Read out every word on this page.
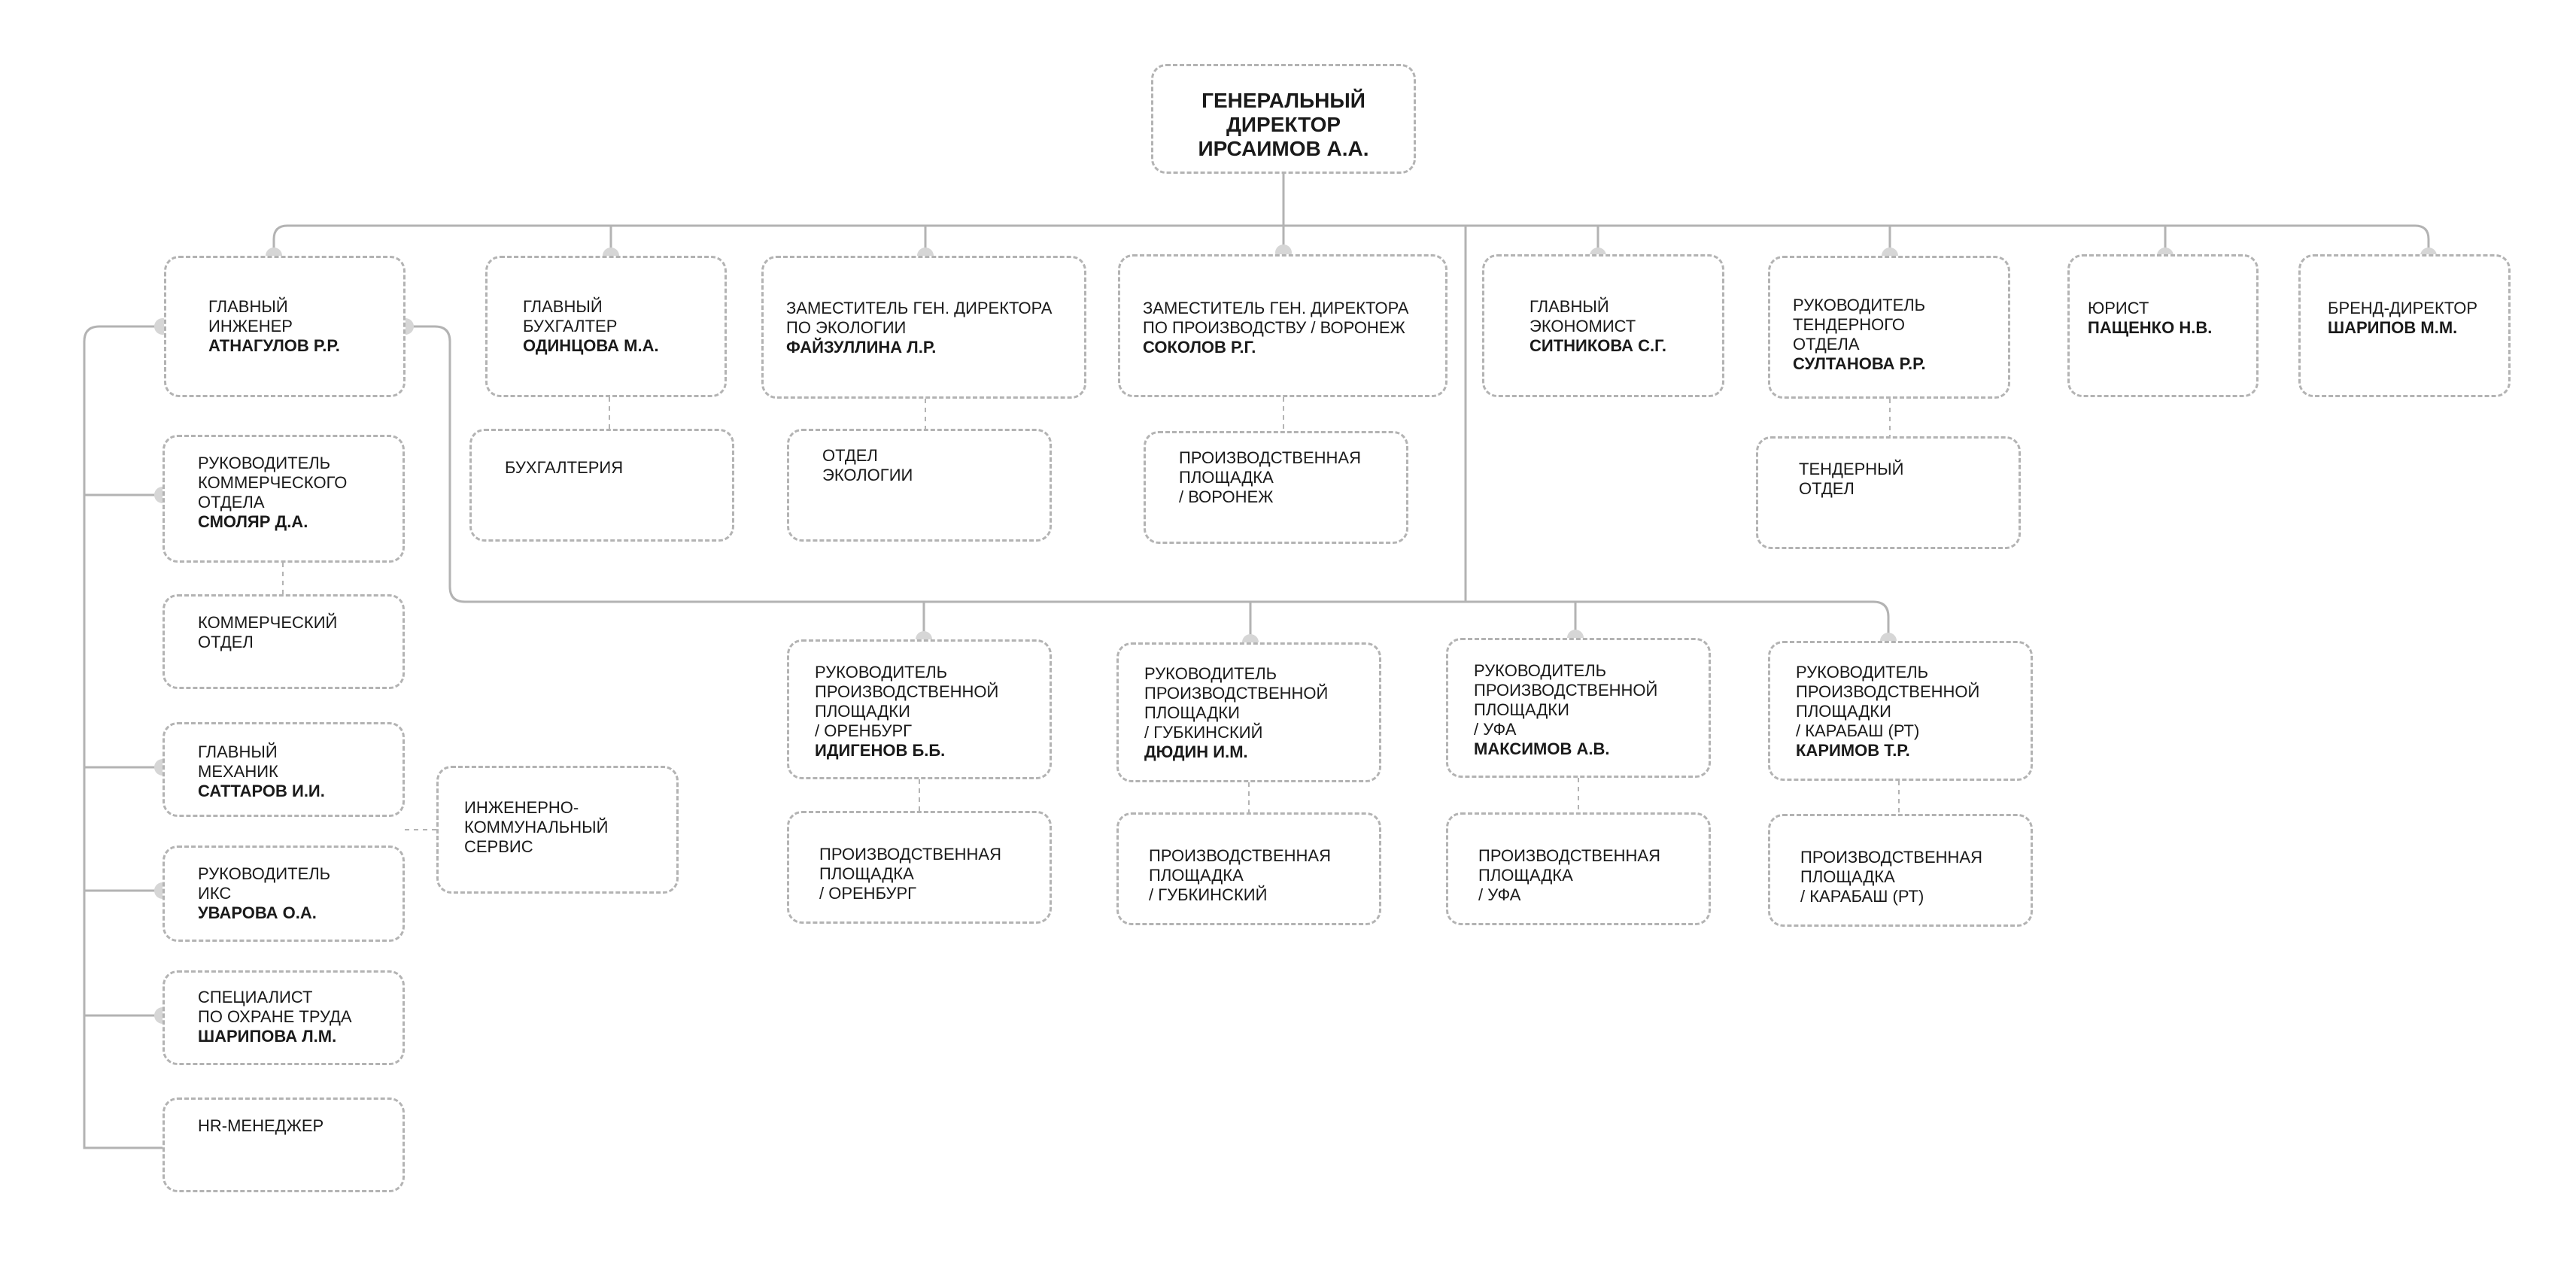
ГЕНЕРАЛЬНЫЙ
ДИРЕКТОР
ИРСАИМОВ А.А.
ГЛАВНЫЙ
ИНЖЕНЕР
АТНАГУЛОВ Р.Р.
ГЛАВНЫЙ
БУХГАЛТЕР
ОДИНЦОВА М.А.
БУХГАЛТЕРИЯ
ЗАМЕСТИТЕЛЬ ГЕН. ДИРЕКТОРА
ПО ЭКОЛОГИИ
ФАЙЗУЛЛИНА Л.Р.
ОТДЕЛ
ЭКОЛОГИИ
ЗАМЕСТИТЕЛЬ ГЕН. ДИРЕКТОРА
ПО ПРОИЗВОДСТВУ / ВОРОНЕЖ
СОКОЛОВ Р.Г.
ПРОИЗВОДСТВЕННАЯ
ПЛОЩАДКА
/ ВОРОНЕЖ
ГЛАВНЫЙ
ЭКОНОМИСТ
СИТНИКОВА С.Г.
РУКОВОДИТЕЛЬ
ТЕНДЕРНОГО
ОТДЕЛА
СУЛТАНОВА Р.Р.
ТЕНДЕРНЫЙ
ОТДЕЛ
ЮРИСТ
ПАЩЕНКО Н.В.
БРЕНД-ДИРЕКТОР
ШАРИПОВ М.М.
РУКОВОДИТЕЛЬ
КОММЕРЧЕСКОГО
ОТДЕЛА
СМОЛЯР Д.А.
КОММЕРЧЕСКИЙ
ОТДЕЛ
ГЛАВНЫЙ
МЕХАНИК
САТТАРОВ И.И.
ИНЖЕНЕРНО-
КОММУНАЛЬНЫЙ
СЕРВИС
РУКОВОДИТЕЛЬ
ИКС
УВАРОВА О.А.
СПЕЦИАЛИСТ
ПО ОХРАНЕ ТРУДА
ШАРИПОВА Л.М.
HR-МЕНЕДЖЕР
РУКОВОДИТЕЛЬ
ПРОИЗВОДСТВЕННОЙ
ПЛОЩАДКИ
/ ОРЕНБУРГ
ИДИГЕНОВ Б.Б.
ПРОИЗВОДСТВЕННАЯ
ПЛОЩАДКА
/ ОРЕНБУРГ
РУКОВОДИТЕЛЬ
ПРОИЗВОДСТВЕННОЙ
ПЛОЩАДКИ
/ ГУБКИНСКИЙ
ДЮДИН И.М.
ПРОИЗВОДСТВЕННАЯ
ПЛОЩАДКА
/ ГУБКИНСКИЙ
РУКОВОДИТЕЛЬ
ПРОИЗВОДСТВЕННОЙ
ПЛОЩАДКИ
/ УФА
МАКСИМОВ А.В.
ПРОИЗВОДСТВЕННАЯ
ПЛОЩАДКА
/ УФА
РУКОВОДИТЕЛЬ
ПРОИЗВОДСТВЕННОЙ
ПЛОЩАДКИ
/ КАРАБАШ (РТ)
КАРИМОВ Т.Р.
ПРОИЗВОДСТВЕННАЯ
ПЛОЩАДКА
/ КАРАБАШ (РТ)
